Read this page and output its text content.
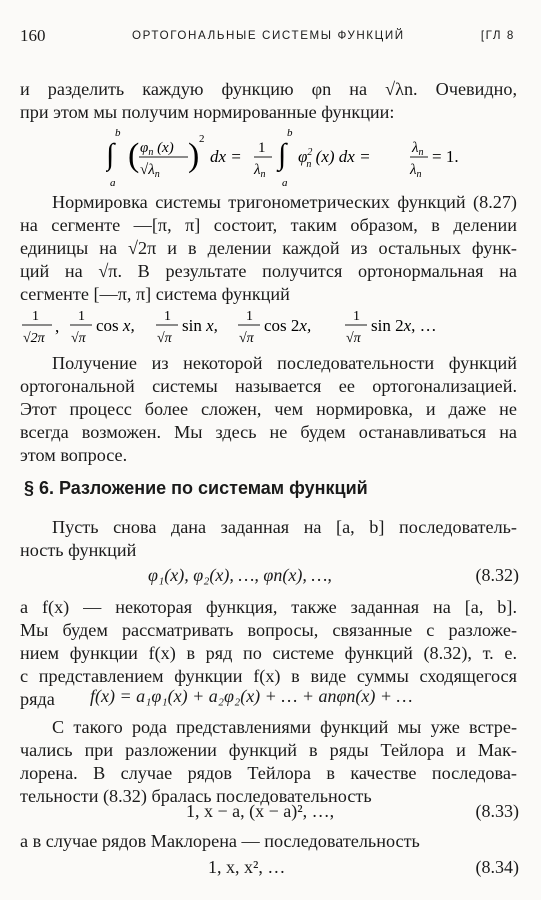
160	ОРТОГОНАЛЬНЫЕ СИСТЕМЫ ФУНКЦИЙ	[ГЛ 8
и разделить каждую функцию φn на √λn. Очевидно,
при этом мы получим нормированные функции:
∫
b
a
( $\varphi_n$ (x)
$√\lambda_n$
) 2
dx = 1
$\lambda_n$
∫
b
a
$\varphi^2$ n (x) dx =	$\lambda_n$
$\lambda_n$
= 1.
Нормировка системы тригонометрических функций (8.27)
на сегменте —[π, π] состоит, таким образом, в делении
единицы на √2π и в делении каждой из остальных функ-
ций на √π. В результате получится ортонормальная на
сегменте [—π, π] система функций
1
√2π
,
1
√π
cos x, 1
√π
sin x, 1
√π
cos 2x,	1
√π
sin 2x, …
Получение из некоторой последовательности функций
ортогональной системы называется ее ортогонализацией.
Этот процесс более сложен, чем нормировка, и даже не
всегда возможен. Мы здесь не будем останавливаться на
этом вопросе.
§ 6. Разложение по системам функций
Пусть снова дана заданная на [a, b] последователь-
ность функций
φ₁(x), φ₂(x), …, φn(x), …,	(8.32)
а f(x) — некоторая функция, также заданная на [a, b].
Мы будем рассматривать вопросы, связанные с разложе-
нием функции f(x) в ряд по системе функций (8.32), т. е.
с представлением функции f(x) в виде суммы сходящегося
ряда	f(x) = a₁φ₁(x) + a₂φ₂(x) + … + anφn(x) + …
С такого рода представлениями функций мы уже встре-
чались при разложении функций в ряды Тейлора и Мак-
лорена. В случае рядов Тейлора в качестве последова-
тельности (8.32) бралась последовательность
1, x − a, (x − a)², …,	(8.33)
а в случае рядов Маклорена — последовательность
1, x, x², …	(8.34)
